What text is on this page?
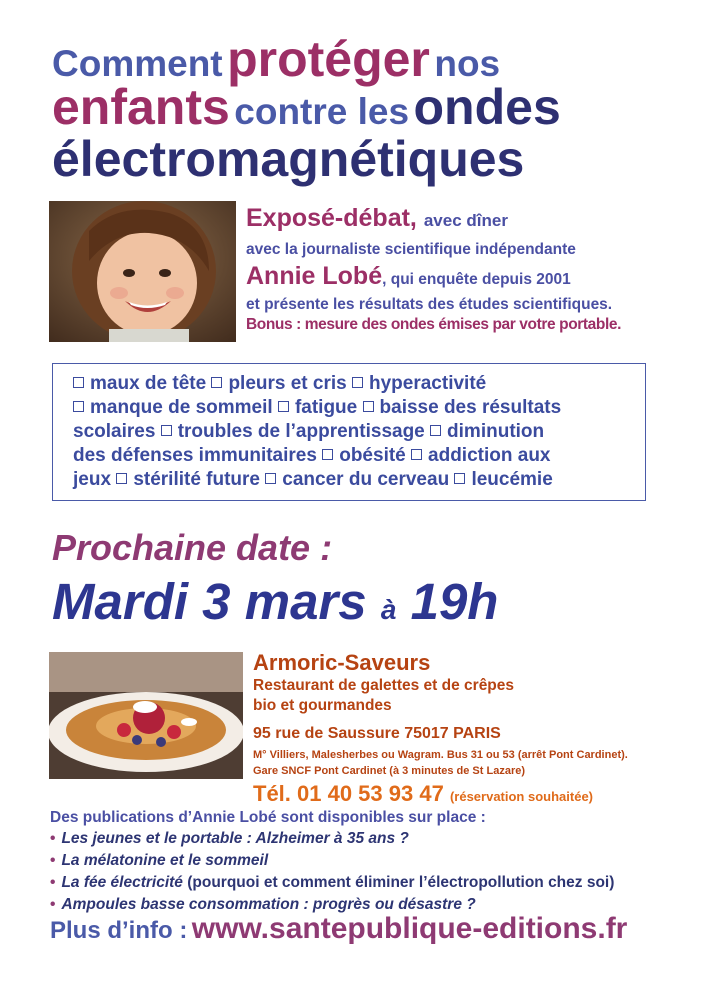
Comment protéger nos
enfants contre les ondes
électromagnétiques
Exposé-débat, avec dîner
avec la journaliste scientifique indépendante
Annie Lobé, qui enquête depuis 2001
et présente les résultats des études scientifiques.
Bonus : mesure des ondes émises par votre portable.
maux de tête pleurs et cris hyperactivité
manque de sommeil fatigue baisse des résultats
scolaires troubles de l’apprentissage diminution
des défenses immunitaires obésité addiction aux
jeux stérilité future cancer du cerveau leucémie
Prochaine date :
Mardi 3 mars à 19h
Armoric-Saveurs
Restaurant de galettes et de crêpes
bio et gourmandes
95 rue de Saussure 75017 PARIS
M° Villiers, Malesherbes ou Wagram. Bus 31 ou 53 (arrêt Pont Cardinet).
Gare SNCF Pont Cardinet (à 3 minutes de St Lazare)
Tél. 01 40 53 93 47 (réservation souhaitée)
Des publications d’Annie Lobé sont disponibles sur place :
• Les jeunes et le portable : Alzheimer à 35 ans ?
• La mélatonine et le sommeil
• La fée électricité (pourquoi et comment éliminer l’électropollution chez soi)
• Ampoules basse consommation : progrès ou désastre ?
Plus d’info : www.santepublique-editions.fr
